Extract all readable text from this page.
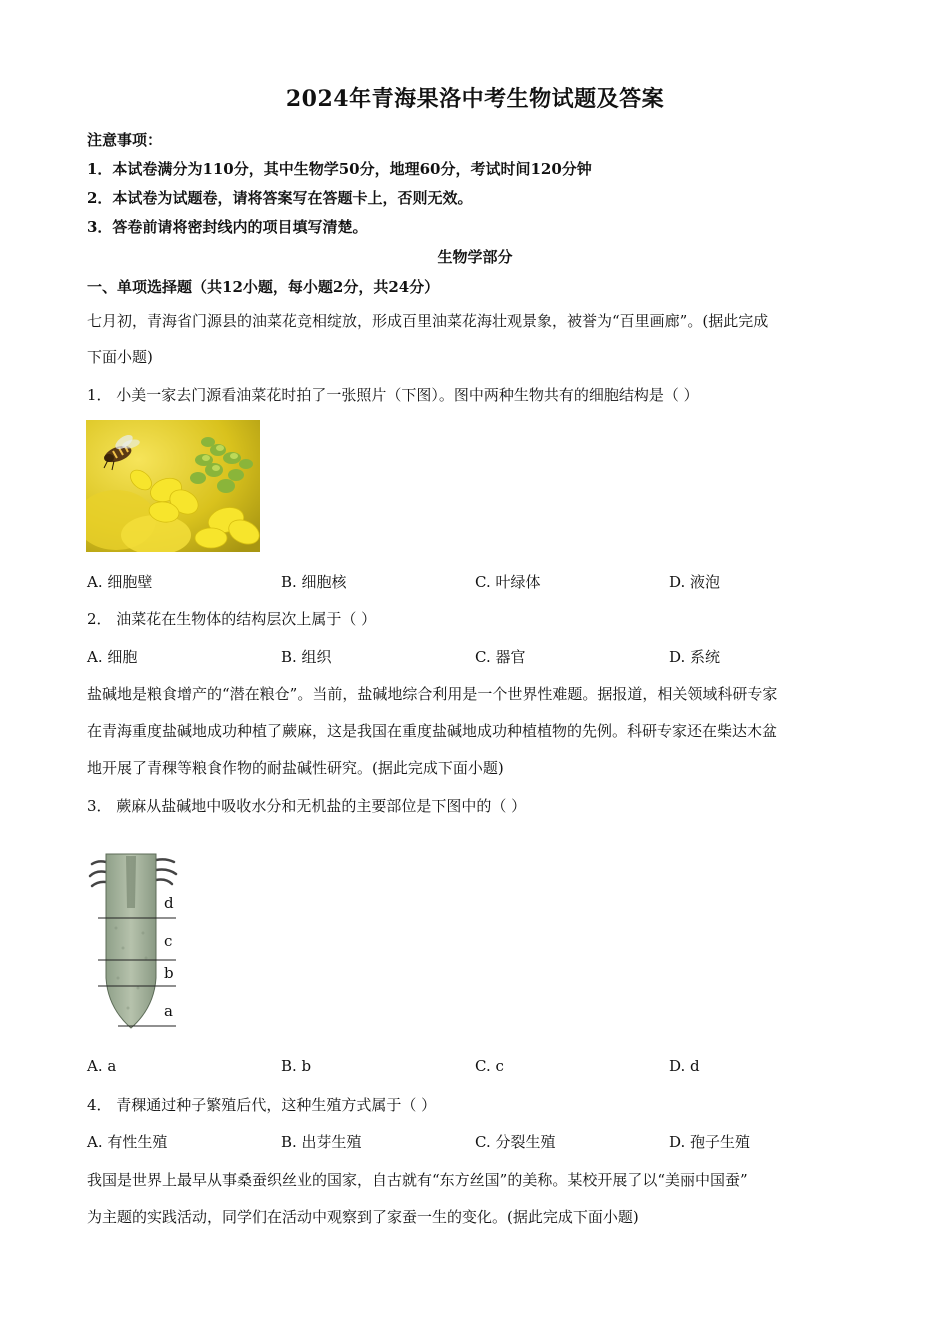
2024年青海果洛中考生物试题及答案
注意事项：
1．本试卷满分为110分，其中生物学50分，地理60分，考试时间120分钟
2．本试卷为试题卷，请将答案写在答题卡上，否则无效。
3．答卷前请将密封线内的项目填写清楚。
生物学部分
一、单项选择题（共12小题，每小题2分，共24分）
七月初，青海省门源县的油菜花竞相绽放，形成百里油菜花海壮观景象，被誉为“百里画廊”。(据此完成
下面小题)
1． 小美一家去门源看油菜花时拍了一张照片（下图）。图中两种生物共有的细胞结构是（ ）
A. 细胞壁	B. 细胞核	C. 叶绿体	D. 液泡
2． 油菜花在生物体的结构层次上属于（ ）
A. 细胞	B. 组织	C. 器官	D. 系统
盐碱地是粮食增产的“潜在粮仓”。当前，盐碱地综合利用是一个世界性难题。据报道，相关领域科研专家
在青海重度盐碱地成功种植了蕨麻，这是我国在重度盐碱地成功种植植物的先例。科研专家还在柴达木盆
地开展了青稞等粮食作物的耐盐碱性研究。(据此完成下面小题)
3． 蕨麻从盐碱地中吸收水分和无机盐的主要部位是下图中的（ ）
d
c
b
a
A. a	B. b	C. c	D. d
4． 青稞通过种子繁殖后代，这种生殖方式属于（ ）
A. 有性生殖	B. 出芽生殖	C. 分裂生殖	D. 孢子生殖
我国是世界上最早从事桑蚕织丝业的国家，自古就有“东方丝国”的美称。某校开展了以“美丽中国蚕”
为主题的实践活动，同学们在活动中观察到了家蚕一生的变化。(据此完成下面小题)
